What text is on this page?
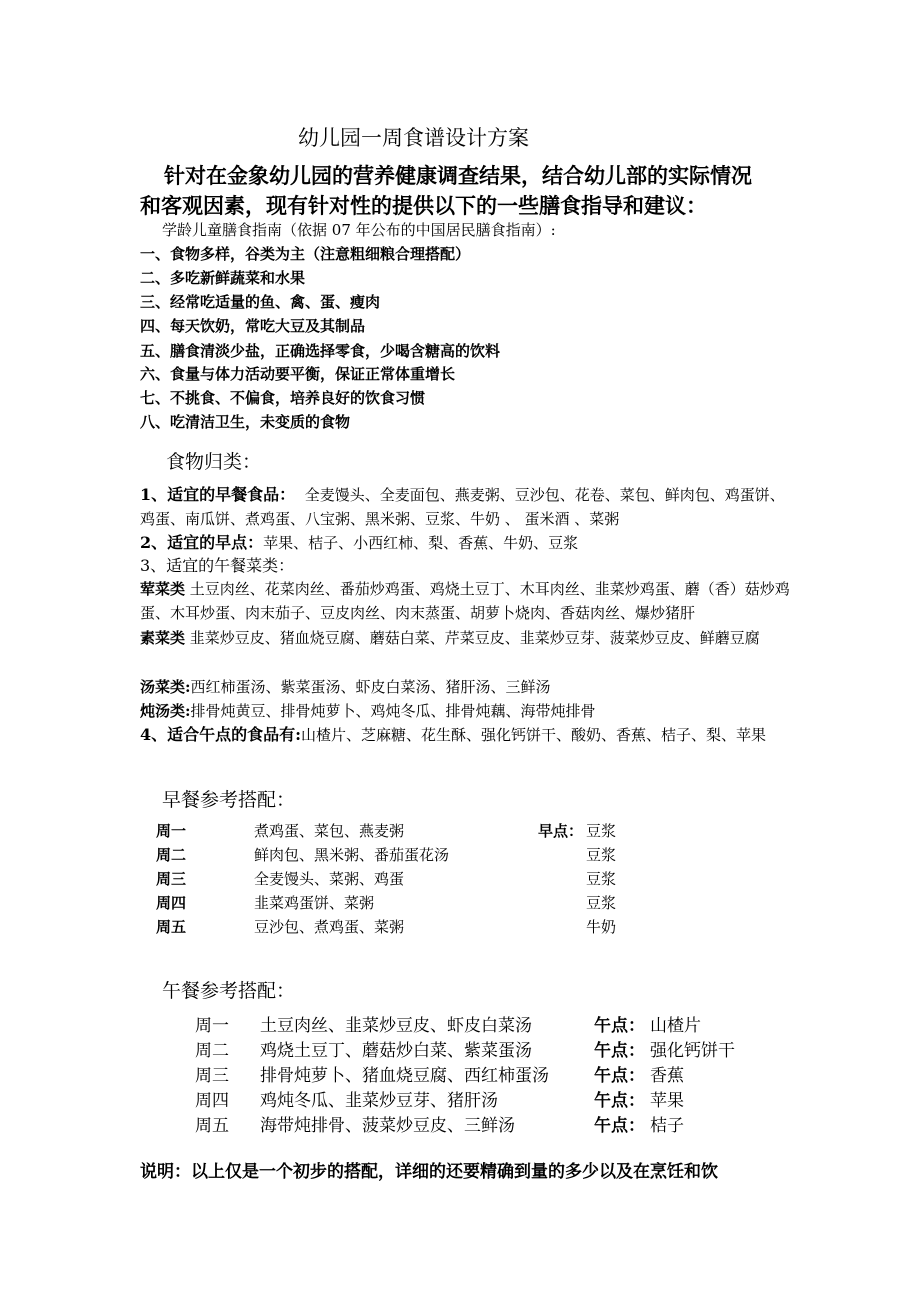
幼儿园一周食谱设计方案
针对在金象幼儿园的营养健康调查结果，结合幼儿部的实际情况
和客观因素，现有针对性的提供以下的一些膳食指导和建议：
学龄儿童膳食指南（依据 07 年公布的中国居民膳食指南）:
一、食物多样，谷类为主（注意粗细粮合理搭配）
二、多吃新鲜蔬菜和水果
三、经常吃适量的鱼、禽、蛋、瘦肉
四、每天饮奶，常吃大豆及其制品
五、膳食清淡少盐，正确选择零食，少喝含糖高的饮料
六、食量与体力活动要平衡，保证正常体重增长
七、不挑食、不偏食，培养良好的饮食习惯
八、吃清洁卫生，未变质的食物
食物归类：
1、适宜的早餐食品： 全麦馒头、全麦面包、燕麦粥、豆沙包、花卷、菜包、鲜肉包、鸡蛋饼、鸡蛋、南瓜饼、煮鸡蛋、八宝粥、黑米粥、豆浆、牛奶 、 蛋米酒 、菜粥
2、适宜的早点：苹果、桔子、小西红柿、梨、香蕉、牛奶、豆浆
3、适宜的午餐菜类：
荤菜类 土豆肉丝、花菜肉丝、番茄炒鸡蛋、鸡烧土豆丁、木耳肉丝、韭菜炒鸡蛋、蘑（香）菇炒鸡蛋、木耳炒蛋、肉末茄子、豆皮肉丝、肉末蒸蛋、胡萝卜烧肉、香菇肉丝、爆炒猪肝
素菜类 韭菜炒豆皮、猪血烧豆腐、蘑菇白菜、芹菜豆皮、韭菜炒豆芽、菠菜炒豆皮、鲜蘑豆腐
汤菜类:西红柿蛋汤、紫菜蛋汤、虾皮白菜汤、猪肝汤、三鲜汤
炖汤类:排骨炖黄豆、排骨炖萝卜、鸡炖冬瓜、排骨炖藕、海带炖排骨
4、适合午点的食品有:山楂片、芝麻糖、花生酥、强化钙饼干、酸奶、香蕉、桔子、梨、苹果
早餐参考搭配：
周一	煮鸡蛋、菜包、燕麦粥	早点：	豆浆
周二	鲜肉包、黑米粥、番茄蛋花汤		豆浆
周三	全麦馒头、菜粥、鸡蛋		豆浆
周四	韭菜鸡蛋饼、菜粥		豆浆
周五	豆沙包、煮鸡蛋、菜粥		牛奶
午餐参考搭配：
周一	土豆肉丝、韭菜炒豆皮、虾皮白菜汤	午点：	山楂片
周二	鸡烧土豆丁、蘑菇炒白菜、紫菜蛋汤	午点：	强化钙饼干
周三	排骨炖萝卜、猪血烧豆腐、西红柿蛋汤	午点：	香蕉
周四	鸡炖冬瓜、韭菜炒豆芽、猪肝汤	午点：	苹果
周五	海带炖排骨、菠菜炒豆皮、三鲜汤	午点：	桔子
说明：以上仅是一个初步的搭配，详细的还要精确到量的多少以及在烹饪和饮
